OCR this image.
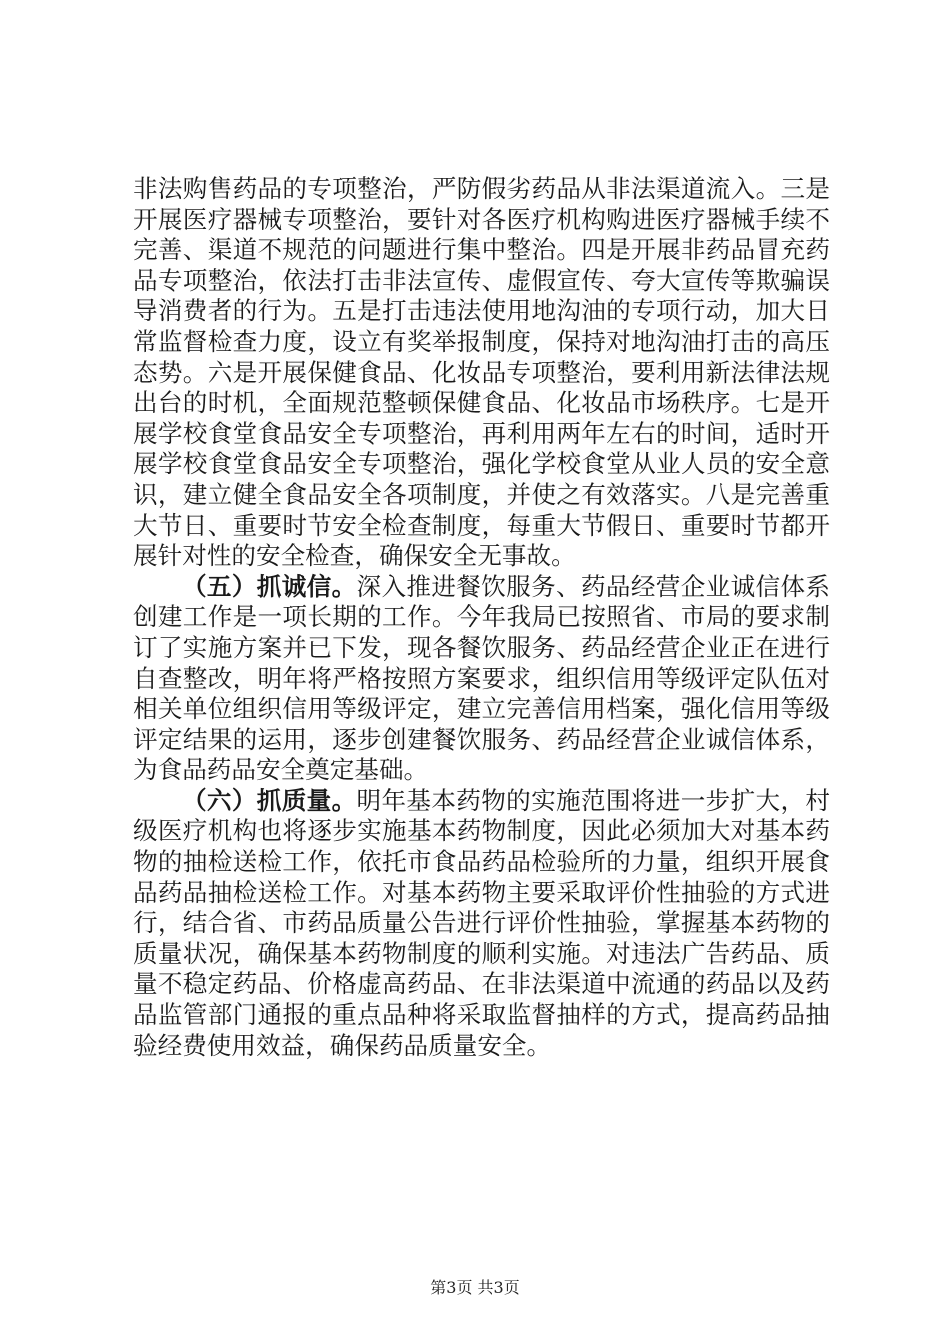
非法购售药品的专项整治，严防假劣药品从非法渠道流入。三是开展医疗器械专项整治，要针对各医疗机构购进医疗器械手续不完善、渠道不规范的问题进行集中整治。四是开展非药品冒充药品专项整治，依法打击非法宣传、虚假宣传、夸大宣传等欺骗误导消费者的行为。五是打击违法使用地沟油的专项行动，加大日常监督检查力度，设立有奖举报制度，保持对地沟油打击的高压态势。六是开展保健食品、化妆品专项整治，要利用新法律法规出台的时机，全面规范整顿保健食品、化妆品市场秩序。七是开展学校食堂食品安全专项整治，再利用两年左右的时间，适时开展学校食堂食品安全专项整治，强化学校食堂从业人员的安全意识，建立健全食品安全各项制度，并使之有效落实。八是完善重大节日、重要时节安全检查制度，每重大节假日、重要时节都开展针对性的安全检查，确保安全无事故。

（五）抓诚信。深入推进餐饮服务、药品经营企业诚信体系创建工作是一项长期的工作。今年我局已按照省、市局的要求制订了实施方案并已下发，现各餐饮服务、药品经营企业正在进行自查整改，明年将严格按照方案要求，组织信用等级评定队伍对相关单位组织信用等级评定，建立完善信用档案，强化信用等级评定结果的运用，逐步创建餐饮服务、药品经营企业诚信体系，为食品药品安全奠定基础。

（六）抓质量。明年基本药物的实施范围将进一步扩大，村级医疗机构也将逐步实施基本药物制度，因此必须加大对基本药物的抽检送检工作，依托市食品药品检验所的力量，组织开展食品药品抽检送检工作。对基本药物主要采取评价性抽验的方式进行，结合省、市药品质量公告进行评价性抽验，掌握基本药物的质量状况，确保基本药物制度的顺利实施。对违法广告药品、质量不稳定药品、价格虚高药品、在非法渠道中流通的药品以及药品监管部门通报的重点品种将采取监督抽样的方式，提高药品抽验经费使用效益，确保药品质量安全。

第3页 共3页
